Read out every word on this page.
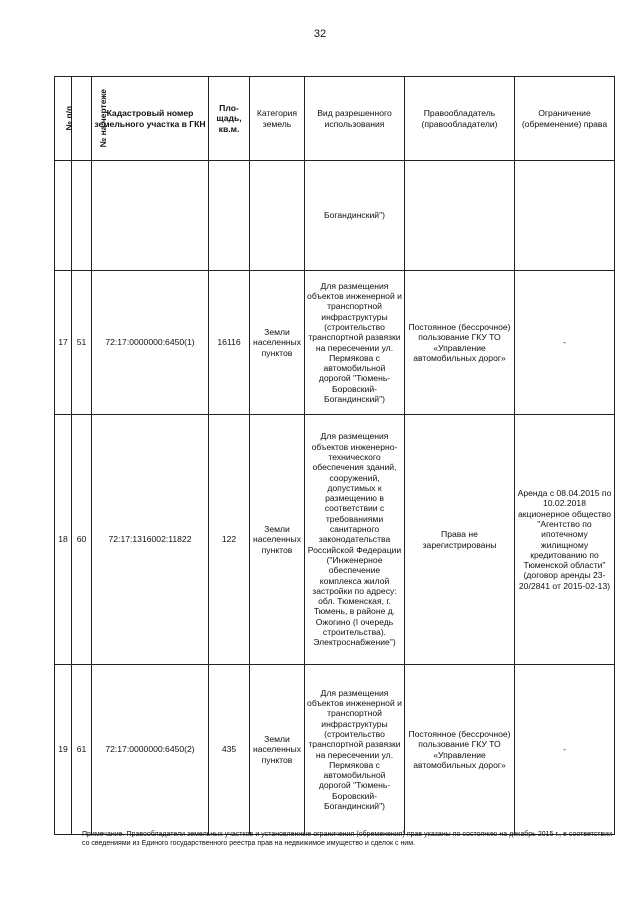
32
№ п/п	№ на чертеже	Кадастровый номер земельного участка в ГКН	Пло-щадь, кв.м.	Категория земель	Вид разрешенного использования	Правообладатель (правообладатели)	Ограничение (обременение) права
					Богандинский")		
17	51	72:17:0000000:6450(1)	16116	Земли населенных пунктов	Для размещения объектов инженерной и транспортной инфраструктуры (строительство транспортной развязки на пересечении ул. Пермякова с автомобильной дорогой "Тюмень-Боровский-Богандинский")	Постоянное (бессрочное) пользование ГКУ ТО «Управление автомобильных дорог»	-
18	60	72:17:1316002:11822	122	Земли населенных пунктов	Для размещения объектов инженерно-технического обеспечения зданий, сооружений, допустимых к размещению в соответствии с требованиями санитарного законодательства Российской Федерации ("Инженерное обеспечение комплекса жилой застройки по адресу: обл. Тюменская, г. Тюмень, в районе д. Ожогино (I очередь строительства). Электроснабжение")	Права не зарегистрированы	Аренда с 08.04.2015 по 10.02.2018 акционерное общество "Агентство по ипотечному жилищному кредитованию по Тюменской области" (договор аренды 23-20/2841 от 2015-02-13)
19	61	72:17:0000000:6450(2)	435	Земли населенных пунктов	Для размещения объектов инженерной и транспортной инфраструктуры (строительство транспортной развязки на пересечении ул. Пермякова с автомобильной дорогой "Тюмень-Боровский-Богандинский")	Постоянное (бессрочное) пользование ГКУ ТО «Управление автомобильных дорог»	-
Примечание. Правообладатели земельных участков и установленные ограничения (обременения) прав указаны по состоянию на декабрь 2015 г., в соответствии со сведениями из Единого государственного реестра прав на недвижимое имущество и сделок с ним.
